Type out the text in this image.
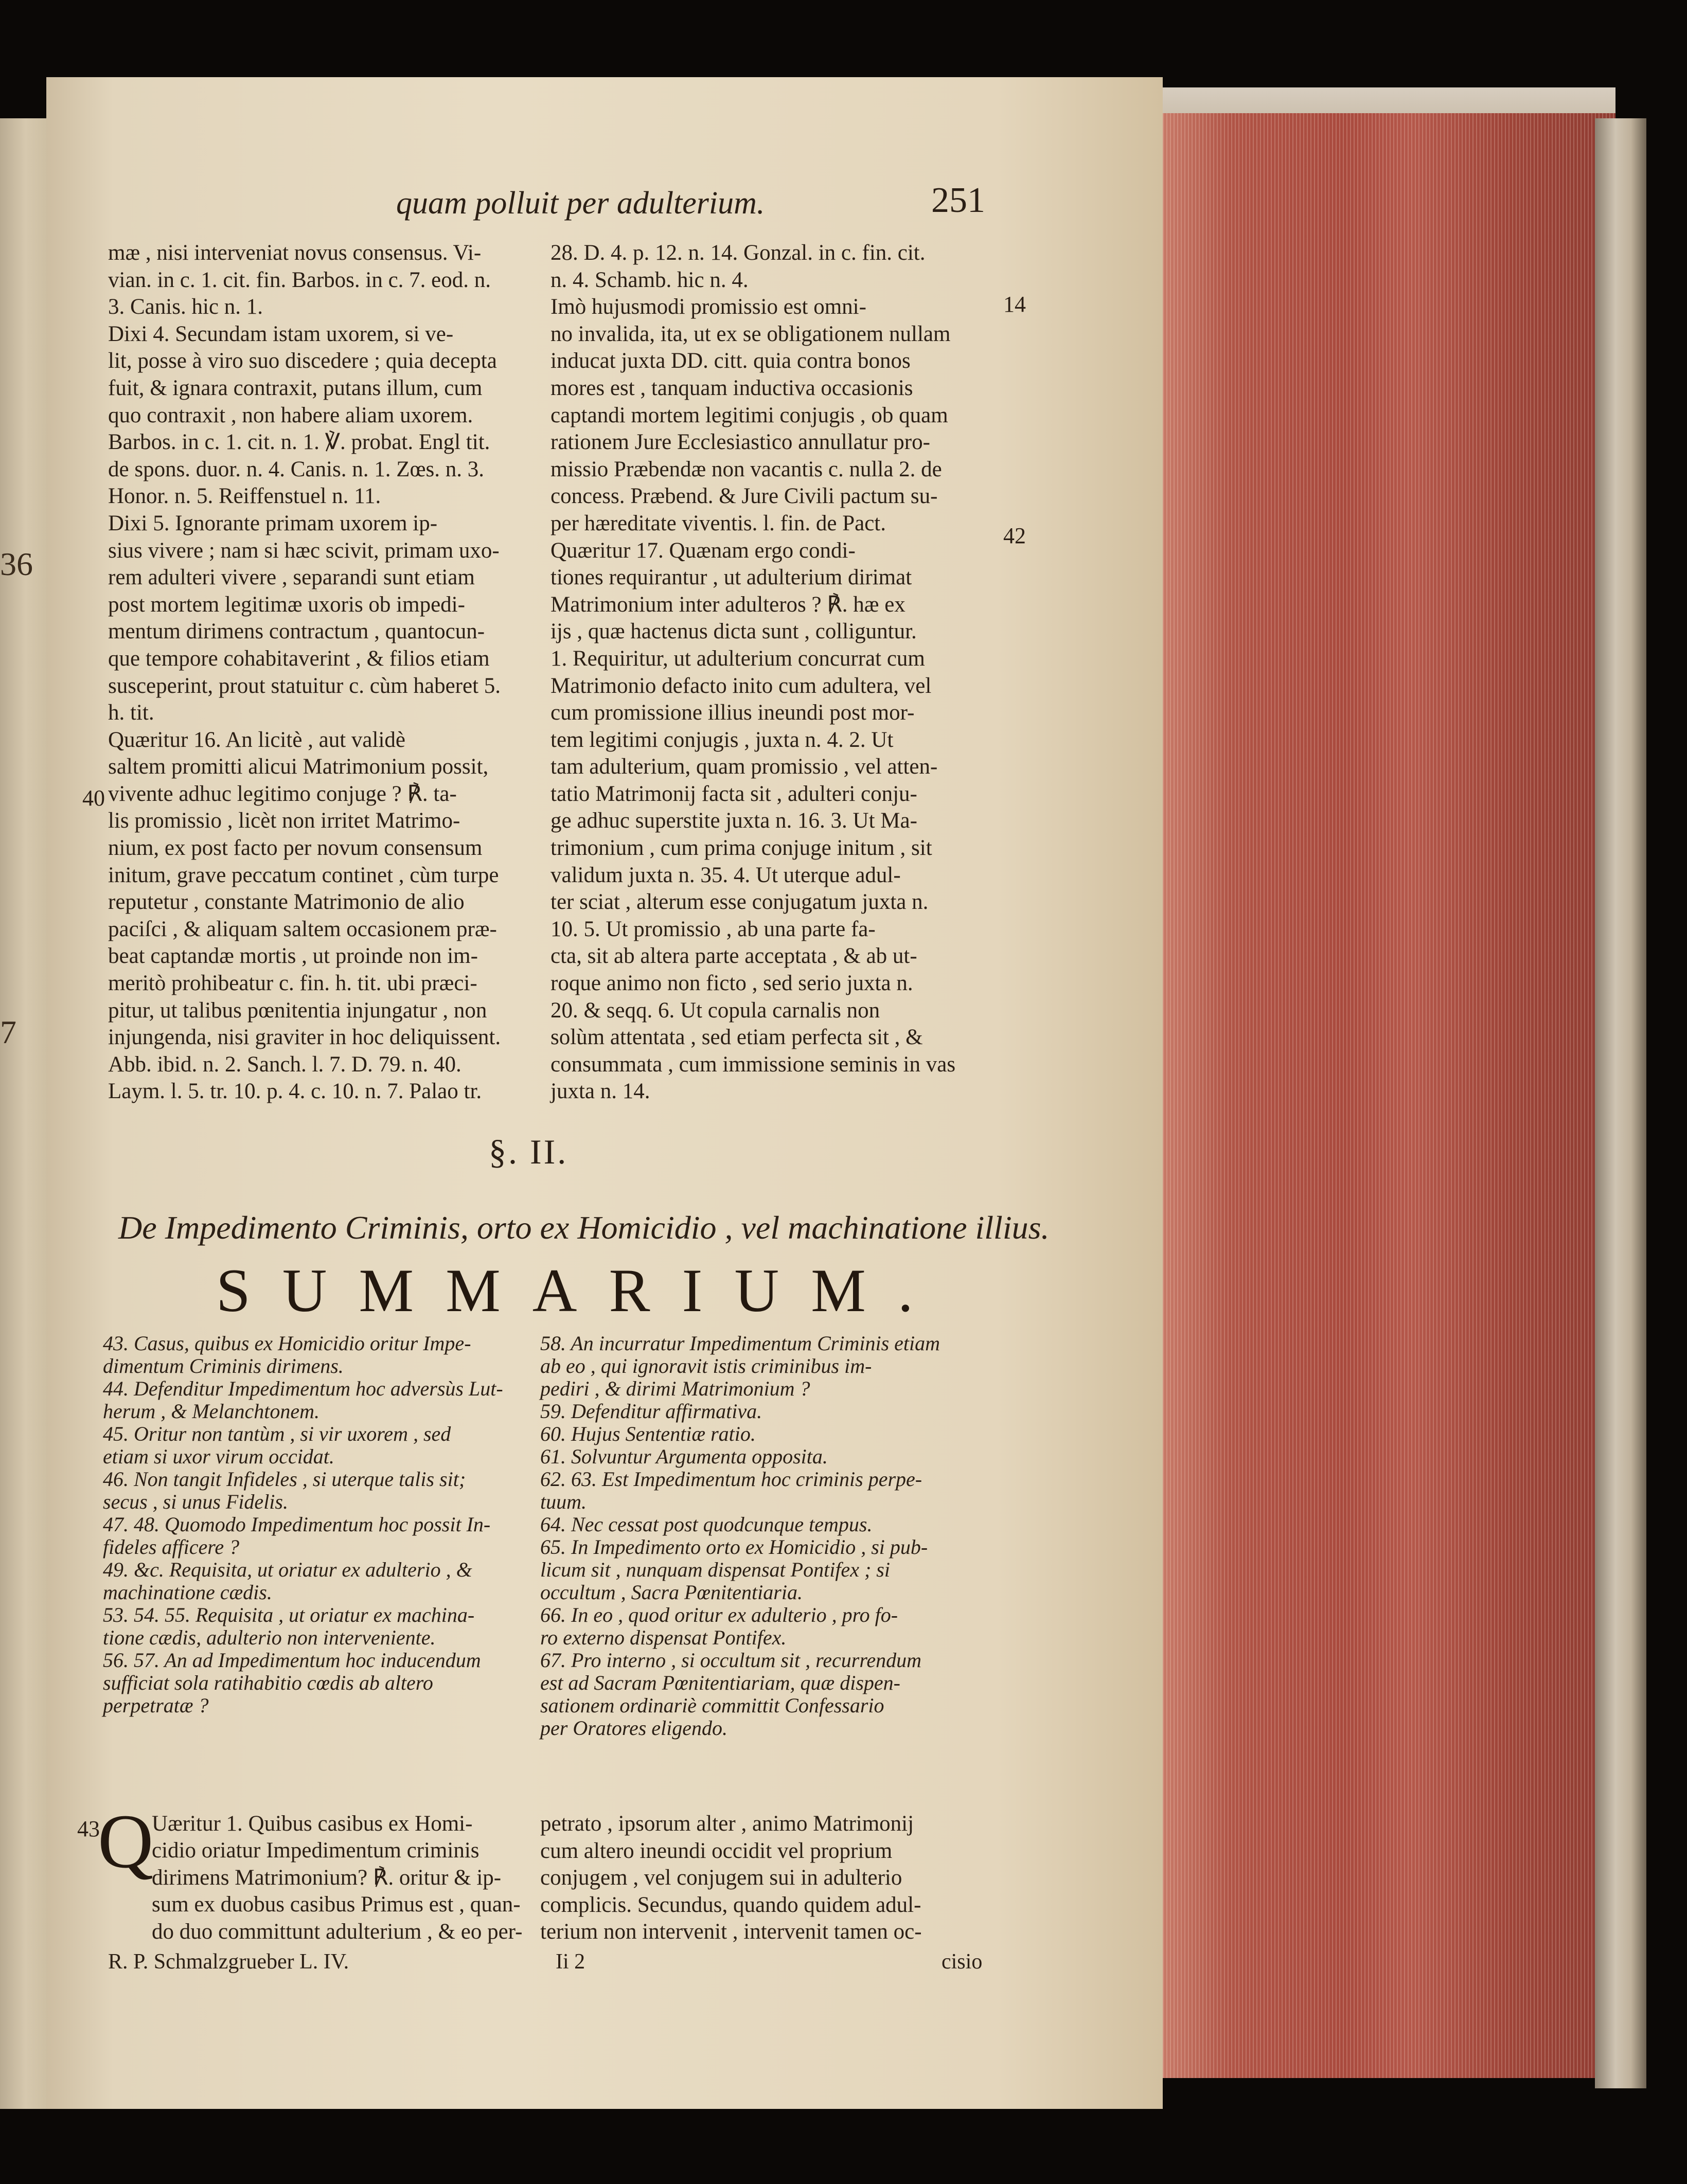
36
7
quam polluit per adulterium.	251
mæ , nisi interveniat novus consensus. Vi-
vian. in c. 1. cit. fin. Barbos. in c. 7. eod. n.
3. Canis. hic n. 1.
Dixi 4. Secundam istam uxorem, si ve-
lit, posse à viro suo discedere ; quia decepta
fuit, & ignara contraxit, putans illum, cum
quo contraxit , non habere aliam uxorem.
Barbos. in c. 1. cit. n. 1. ℣. probat. Engl tit.
de spons. duor. n. 4. Canis. n. 1. Zœs. n. 3.
Honor. n. 5. Reiffenstuel n. 11.
Dixi 5. Ignorante primam uxorem ip-
sius vivere ; nam si hæc scivit, primam uxo-
rem adulteri vivere , separandi sunt etiam
post mortem legitimæ uxoris ob impedi-
mentum dirimens contractum , quantocun-
que tempore cohabitaverint , & filios etiam
susceperint, prout statuitur c. cùm haberet 5.
h. tit.
Quæritur 16. An licitè , aut validè
saltem promitti alicui Matrimonium possit,
vivente adhuc legitimo conjuge ? ℟. ta-
lis promissio , licèt non irritet Matrimo-
nium, ex post facto per novum consensum
initum, grave peccatum continet , cùm turpe
reputetur , constante Matrimonio de alio
paciſci , & aliquam saltem occasionem præ-
beat captandæ mortis , ut proinde non im-
meritò prohibeatur c. fin. h. tit. ubi præci-
pitur, ut talibus pœnitentia injungatur , non
injungenda, nisi graviter in hoc deliquissent.
Abb. ibid. n. 2. Sanch. l. 7. D. 79. n. 40.
Laym. l. 5. tr. 10. p. 4. c. 10. n. 7. Palao tr.
40
28. D. 4. p. 12. n. 14. Gonzal. in c. fin. cit.
n. 4. Schamb. hic n. 4.
Imò hujusmodi promissio est omni-
no invalida, ita, ut ex se obligationem nullam
inducat juxta DD. citt. quia contra bonos
mores est , tanquam inductiva occasionis
captandi mortem legitimi conjugis , ob quam
rationem Jure Ecclesiastico annullatur pro-
missio Præbendæ non vacantis c. nulla 2. de
concess. Præbend. & Jure Civili pactum su-
per hæreditate viventis. l. fin. de Pact.
Quæritur 17. Quænam ergo condi-
tiones requirantur , ut adulterium dirimat
Matrimonium inter adulteros ? ℟. hæ ex
ijs , quæ hactenus dicta sunt , colliguntur.
1. Requiritur, ut adulterium concurrat cum
Matrimonio defacto inito cum adultera, vel
cum promissione illius ineundi post mor-
tem legitimi conjugis , juxta n. 4. 2. Ut
tam adulterium, quam promissio , vel atten-
tatio Matrimonij facta sit , adulteri conju-
ge adhuc superstite juxta n. 16. 3. Ut Ma-
trimonium , cum prima conjuge initum , sit
validum juxta n. 35. 4. Ut uterque adul-
ter sciat , alterum esse conjugatum juxta n.
10. 5. Ut promissio , ab una parte fa-
cta, sit ab altera parte acceptata , & ab ut-
roque animo non ficto , sed serio juxta n.
20. & seqq. 6. Ut copula carnalis non
solùm attentata , sed etiam perfecta sit , &
consummata , cum immissione seminis in vas
juxta n. 14.
14
42
§. II.
De Impedimento Criminis, orto ex Homicidio , vel machinatione illius.
SUMMARIUM.
43. Casus, quibus ex Homicidio oritur Impe-
dimentum Criminis dirimens.
44. Defenditur Impedimentum hoc adversùs Lut-
herum , & Melanchtonem.
45. Oritur non tantùm , si vir uxorem , sed
etiam si uxor virum occidat.
46. Non tangit Infideles , si uterque talis sit;
secus , si unus Fidelis.
47. 48. Quomodo Impedimentum hoc possit In-
fideles afficere ?
49. &c. Requisita, ut oriatur ex adulterio , &
machinatione cædis.
53. 54. 55. Requisita , ut oriatur ex machina-
tione cædis, adulterio non interveniente.
56. 57. An ad Impedimentum hoc inducendum
sufficiat sola ratihabitio cœdis ab altero
perpetratæ ?
58. An incurratur Impedimentum Criminis etiam
ab eo , qui ignoravit istis criminibus im-
pediri , & dirimi Matrimonium ?
59. Defenditur affirmativa.
60. Hujus Sententiæ ratio.
61. Solvuntur Argumenta opposita.
62. 63. Est Impedimentum hoc criminis perpe-
tuum.
64. Nec cessat post quodcunque tempus.
65. In Impedimento orto ex Homicidio , si pub-
licum sit , nunquam dispensat Pontifex ; si
occultum , Sacra Pœnitentiaria.
66. In eo , quod oritur ex adulterio , pro fo-
ro externo dispensat Pontifex.
67. Pro interno , si occultum sit , recurrendum
est ad Sacram Pœnitentiariam, quæ dispen-
sationem ordinariè committit Confessario
per Oratores eligendo.
43
Q
Uæritur 1. Quibus casibus ex Homi-
cidio oriatur Impedimentum criminis
dirimens Matrimonium? ℟. oritur & ip-
sum ex duobus casibus Primus est , quan-
do duo committunt adulterium , & eo per-
R. P. Schmalzgrueber L. IV.
petrato , ipsorum alter , animo Matrimonij
cum altero ineundi occidit vel proprium
conjugem , vel conjugem sui in adulterio
complicis. Secundus, quando quidem adul-
terium non intervenit , intervenit tamen oc-
Ii 2	cisio
